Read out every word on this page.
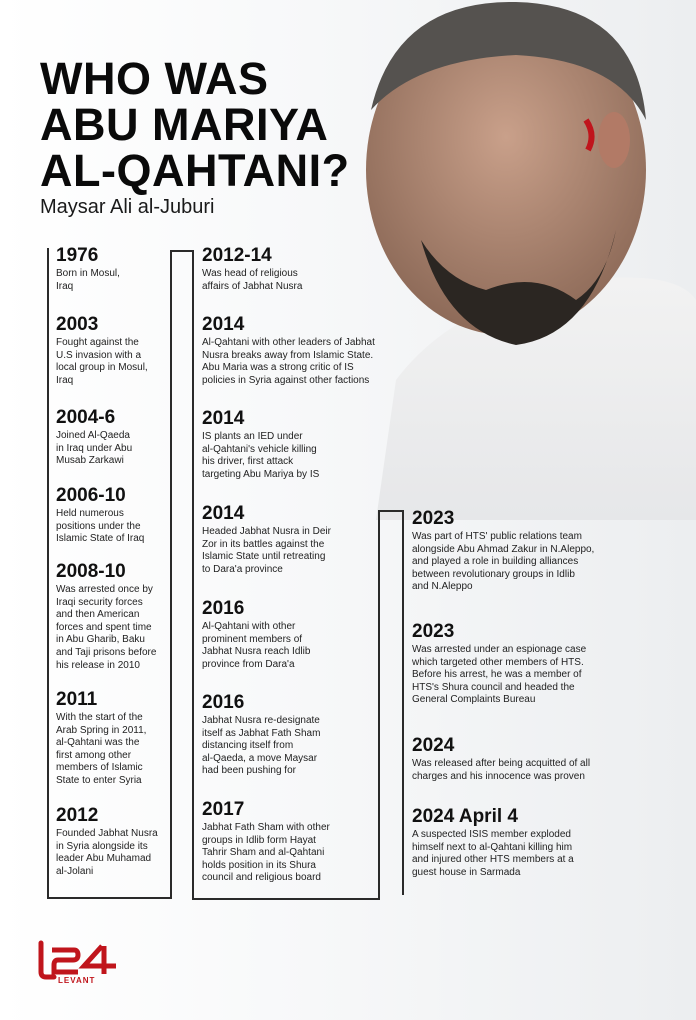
WHO WAS
ABU MARIYA
AL-QAHTANI?
Maysar Ali al-Juburi
1976
Born in Mosul,
Iraq
2003
Fought against the
U.S invasion with a
local group in Mosul,
Iraq
2004-6
Joined Al-Qaeda
in Iraq under Abu
Musab Zarkawi
2006-10
Held numerous
positions under the
Islamic State of Iraq
2008-10
Was arrested once by
Iraqi security forces
and then American
forces and spent time
in Abu Gharib, Baku
and Taji prisons before
his release in 2010
2011
With the start of the
Arab Spring in 2011,
al-Qahtani was the
first among other
members of Islamic
State to enter Syria
2012
Founded Jabhat Nusra
in Syria alongside its
leader Abu Muhamad
al-Jolani
2012-14
Was head of religious
affairs of Jabhat Nusra
2014
Al-Qahtani with other leaders of Jabhat
Nusra breaks away from Islamic State.
Abu Maria was a strong critic of IS
policies in Syria against other factions
2014
IS plants an IED under
al-Qahtani's vehicle killing
his driver, first attack
targeting Abu Mariya by IS
2014
Headed Jabhat Nusra in Deir
Zor in its battles against the
Islamic State until retreating
to Dara'a province
2016
Al-Qahtani with other
prominent members of
Jabhat Nusra reach Idlib
province from Dara'a
2016
Jabhat Nusra re-designate
itself as Jabhat Fath Sham
distancing itself from
al-Qaeda, a move Maysar
had been pushing for
2017
Jabhat Fath Sham with other
groups in Idlib form Hayat
Tahrir Sham and al-Qahtani
holds position in its Shura
council and religious board
2023
Was part of HTS' public relations team
alongside Abu Ahmad Zakur in N.Aleppo,
and played a role in building alliances
between revolutionary groups in Idlib
and N.Aleppo
2023
Was arrested under an espionage case
which targeted other members of HTS.
Before his arrest, he was a member of
HTS's Shura council and headed the
General Complaints Bureau
2024
Was released after being acquitted of all
charges and his innocence was proven
2024 April 4
A suspected ISIS member exploded
himself next to al-Qahtani killing him
and injured other HTS members at a
guest house in Sarmada
LEVANT
